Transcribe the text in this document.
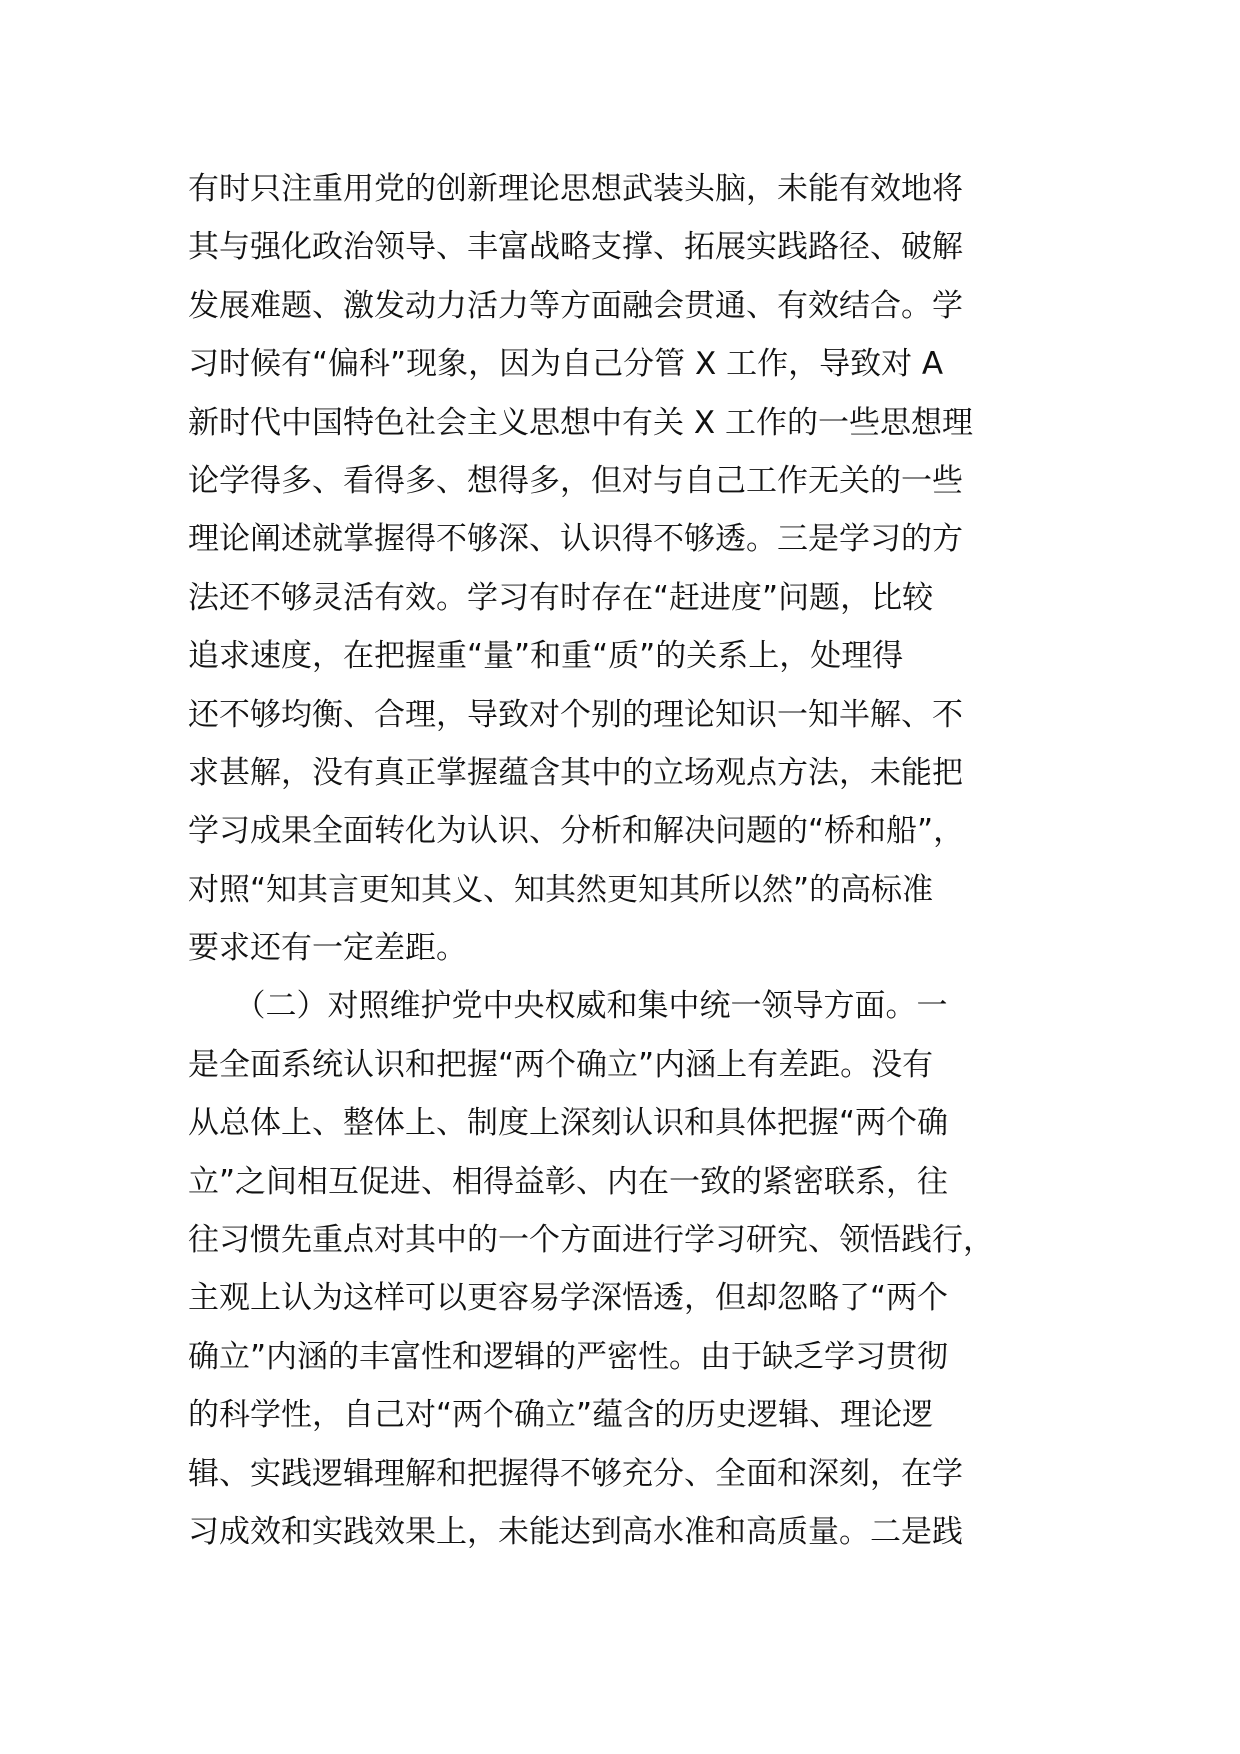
有时只注重用党的创新理论思想武装头脑，未能有效地将
其与强化政治领导、丰富战略支撑、拓展实践路径、破解
发展难题、激发动力活力等方面融会贯通、有效结合。学
习时候有“偏科”现象，因为自己分管 X 工作，导致对 A
新时代中国特色社会主义思想中有关 X 工作的一些思想理
论学得多、看得多、想得多，但对与自己工作无关的一些
理论阐述就掌握得不够深、认识得不够透。三是学习的方
法还不够灵活有效。学习有时存在“赶进度”问题，比较
追求速度，在把握重“量”和重“质”的关系上，处理得
还不够均衡、合理，导致对个别的理论知识一知半解、不
求甚解，没有真正掌握蕴含其中的立场观点方法，未能把
学习成果全面转化为认识、分析和解决问题的“桥和船”，
对照“知其言更知其义、知其然更知其所以然”的高标准
要求还有一定差距。
　　（二）对照维护党中央权威和集中统一领导方面。一
是全面系统认识和把握“两个确立”内涵上有差距。没有
从总体上、整体上、制度上深刻认识和具体把握“两个确
立”之间相互促进、相得益彰、内在一致的紧密联系，往
往习惯先重点对其中的一个方面进行学习研究、领悟践行，
主观上认为这样可以更容易学深悟透，但却忽略了“两个
确立”内涵的丰富性和逻辑的严密性。由于缺乏学习贯彻
的科学性，自己对“两个确立”蕴含的历史逻辑、理论逻
辑、实践逻辑理解和把握得不够充分、全面和深刻，在学
习成效和实践效果上，未能达到高水准和高质量。二是践
